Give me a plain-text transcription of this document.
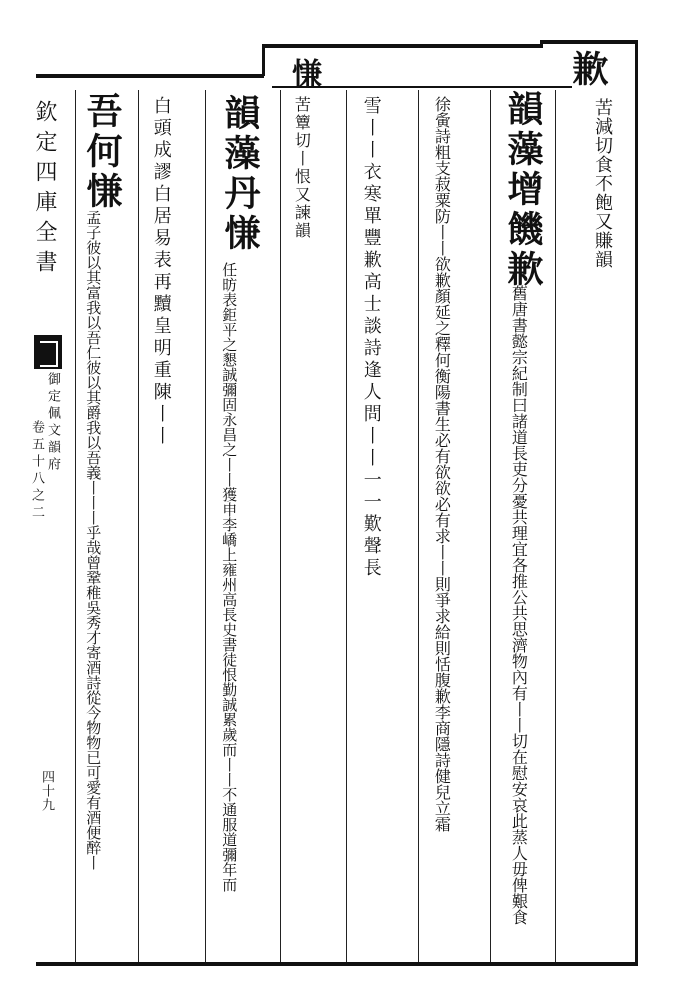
歉
苦減切食不飽又賺韻
韻藻增饑歉
舊唐書懿宗紀制曰諸道長吏分憂共理宜各推公共思濟物內有丨丨切在慰安哀此蒸人毋俾艱食
徐夤詩粗支菽粟防丨丨欲歉顏延之釋何衡陽書生必有欲欲必有求丨丨則爭求給則恬腹歉李商隱詩健兒立霜
雪丨丨衣寒單豐歉高士談詩逢人問丨丨一一歎聲長
慊
苦簟切丨恨又諫韻
韻藻丹慊
任昉表鉅平之懇誠彌固永昌之丨丨獲申李嶠上雍州高長史書徒恨勤誠累歲而丨丨不通服道彌年而
白頭成謬白居易表再黷皇明重陳丨丨
吾何慊
孟子彼以其富我以吾仁彼以其爵我以吾義丨丨丨乎哉曾鞏稚吳秀才寄酒詩從今物物已可愛有酒便醉丨
欽定四庫全書
御定佩文韻府
卷五十八之二
四十九
